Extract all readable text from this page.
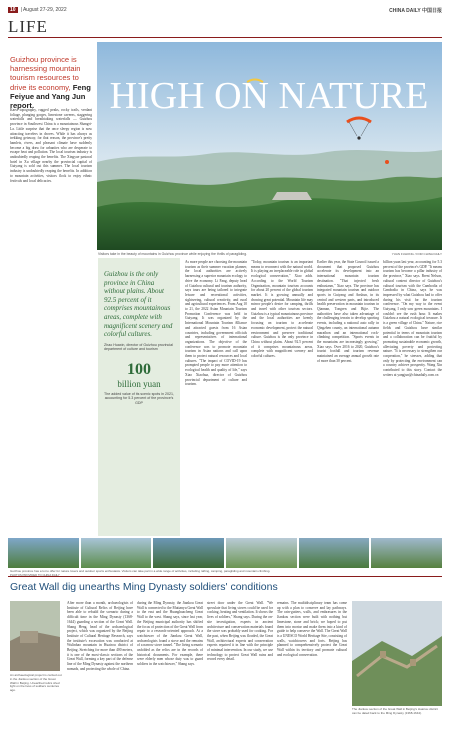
10 | August 27-29, 2022	CHINA DAILY 中国日报
LIFE
Guizhou province is harnessing mountain tourism resources to drive its economy, Feng Feiyue and Yang Jun report.
Karst topography, rugged peaks, rocky trails, verdant foliage, plunging gorges, limestone caverns, staggering waterfalls and breathtaking waterfalls — Guizhou province in Southwest China is a mountainous Shangri-La. Little surprise that the once sleepy region is now attracting travelers in droves. While it has always as trekking getaway, for that reason, the province's pretty hamlets, rivers, and pleasant climate have suddenly become a big draw for urbanites who are desperate to escape heat and pollution. The local tourism industry is undoubtedly reaping the benefits. The Xingyue pastoral hotel in Xu village nearby the provincial capital of Guiyang is sold out this summer. The local tourism industry is undoubtedly reaping the benefits. In addition to mountain activities, visitors flock to enjoy ethnic festivals and local delicacies.
HIGH ON NATURE
Visitors take in the beauty of mountains in Guizhou province while enjoying the thrills of paragliding.	YUAN FUHONG / FOR CHINA DAILY
Guizhou is the only province in China without plains. About 92.5 percent of it comprises mountainous areas, complete with magnificent scenery and colorful cultures.
Zhao Huaxin, director of Guizhou provincial department of culture and tourism
100
billion yuan
The added value of its scenic spots in 2021, accounting for 5.3 percent of the province's GDP
As more people are choosing the mountain tourism as their summer vacation planner, the local authorities are actively harnessing a superior mountain ecology to drive the economy. Li Fang, deputy head of Guizhou cultural and tourism authority, says tours are being tailored to integrate leisure and recreational activities, sightseeing, cultural creativity, and rural and agricultural experiences. From Aug 10 to 21, the 2022 Asian Mountain Tourism Promotion Conference was held in Guiyang. It was organized by the International Mountain Tourism Alliance and attracted guests from 16 Asian countries, including government officials and representatives of international organizations. The objective of the conference was to promote mountain tourism in Asian nations and call upon them to protect natural resources and local cultures. "The impact of COVID-19 has prompted people to pay more attention to ecological health and quality of life," says Xiao Xiaohua, director of Guizhou provincial department of culture and tourism.
"Today, mountain tourism is an important means to reconnect with the natural world. It is playing an irreplaceable role in global ecological conservation," Xiao adds. According to the World Tourism Organization, mountain tourism accounts for about 20 percent of the global tourism market. It is growing annually and drawing great potential. Mountain life may mirror people's desire for camping, thrills and travel with other tourism sectors. Guizhou is a typical mountainous province and the local authorities are keenly focusing on tourism to accelerate economic development, protect the natural environment and preserve traditional culture. Guizhou is the only province in China without plains. About 92.5 percent of it comprises mountainous areas, complete with magnificent scenery and colorful cultures.
Earlier this year, the State Council issued a document that proposed Guizhou accelerate its development into an international mountain tourism destination. "That injected fresh enthusiasm," Xiao says. The province has integrated mountain tourism and outdoor sports in Guiyang and Anshun, in its central and western parts, and introduced health preservation in mountain tourism in Qiannan, Tongren and Bijie. The authorities have also taken advantage of the challenging terrain to develop sporting events, including a national auto rally in Qingzhen county, an international autumn marathon and an international rock-climbing competition. "Sports events in the mountains are increasingly growing," Xiao says. Over 2016 to 2020, Guizhou's tourist footfall and tourism revenue maintained an average annual growth rate of more than 30 percent.
billion yuan last year, accounting for 5.3 percent of the province's GDP. "It means tourism has become a pillar industry of the province," Xiao says. Brent Nelson, cultural content director of Guizhou's cultural tourism with the Cambodia of Cambodia in China, says he was impressed by what Guizhou had to offer during his visit for the tourism conference. "On my way to the event Guiyang, I only saw green mountains. I couldn't see the rush hour. It makes Guizhou a natural ecological treasure. It is a green village of China." Nature, rice fields and Guizhou have similar potential in terms of mountain tourism and a collaboration can be fruitful by promoting sustainable economic growth, alleviating poverty and protecting nature. "It is necessary to strengthen our cooperation," he stresses, adding that only by protecting the environment can a country achieve prosperity. Wang Xin contributed to this story. Contact the writers at yangjun@chinadaily.com.cn
Guizhou province has a lot to offer for nature lovers and outdoor sports enthusiasts. Visitors can take part in a wide range of activities, including rafting, camping, paragliding and mountain climbing.
PHOTOS PROVIDED TO CHINA DAILY
Great Wall dig unearths Ming Dynasty soldiers' conditions
An archaeological project is carried out in the Jiankou section of the Great Wall in Beijing. Unearthed relics shed light on the lives of soldiers centuries ago.
After more than a month, archaeologists of Institute of Cultural Relics of Beijing have been able to rebuild the scenario during a difficult time in the Ming Dynasty (1368-1644) guarding a section of the Great Wall. Shang Heng, head of the archaeological project, which was organized by the Beijing Institute of Cultural Heritage Research, says the institute's excavation was conducted at Wulinbao mountain in Huairou district of Beijing. Stretching for more than 400 meters, it is one of the most-classic sections of the Great Wall, forming a key part of the defense line of the Ming Dynasty against the northern nomads, and protecting the whole of China.
during the Ming Dynasty, the Jiankou Great Wall is connected to the Mutianyu Great Wall to the east and the Huanghuacheng Great Wall to the west. Shang says, since last year, the Beijing municipal authority has shifted the focus of protection of the Great Wall from repair to a research-oriented approach. At a watchtower of the Jiankou Great Wall, archaeologists found a stove and the remains of a narrow stove tunnel. "The living scenario unfolded as the relics are in the records of historical documents. For example, there were elderly men whose duty was to guard soldiers in the watchtower," Shang says.
street door under the Great Wall. "We speculate that living stoves could be used for cooking, heating and ventilation. It shows the lives of soldiers," Shang says. During the on-site investigation, experts in ancient architecture and conservation materials found the stove was probably used for cooking. For the past, when Beijing was flooded, the Great Wall, architectural experts and conservation experts repaired it in line with the principle of minimal intervention. In our study, we use technology to protect Great Wall ruins and record every detail.
remains. The multidisciplinary team has come up with a plan to conserve and lay pathways. The rain-gutters, walls, and embrasures in the Jiankou section were built with nothing but limestone, stone and brick; we hoped to put them into mortar and make them into a kind of guide to help conserve the Wall. The Great Wall is a UNESCO World Heritage Site, consisting of walls, watchtowers and forts. Beijing has planned to comprehensively protect the Great Wall within its territory and promote cultural and ecological conservation.
The Jiankou section of the Great Wall in Beijing's Huairou district can be dated back to the Ming Dynasty (1368-1644).
